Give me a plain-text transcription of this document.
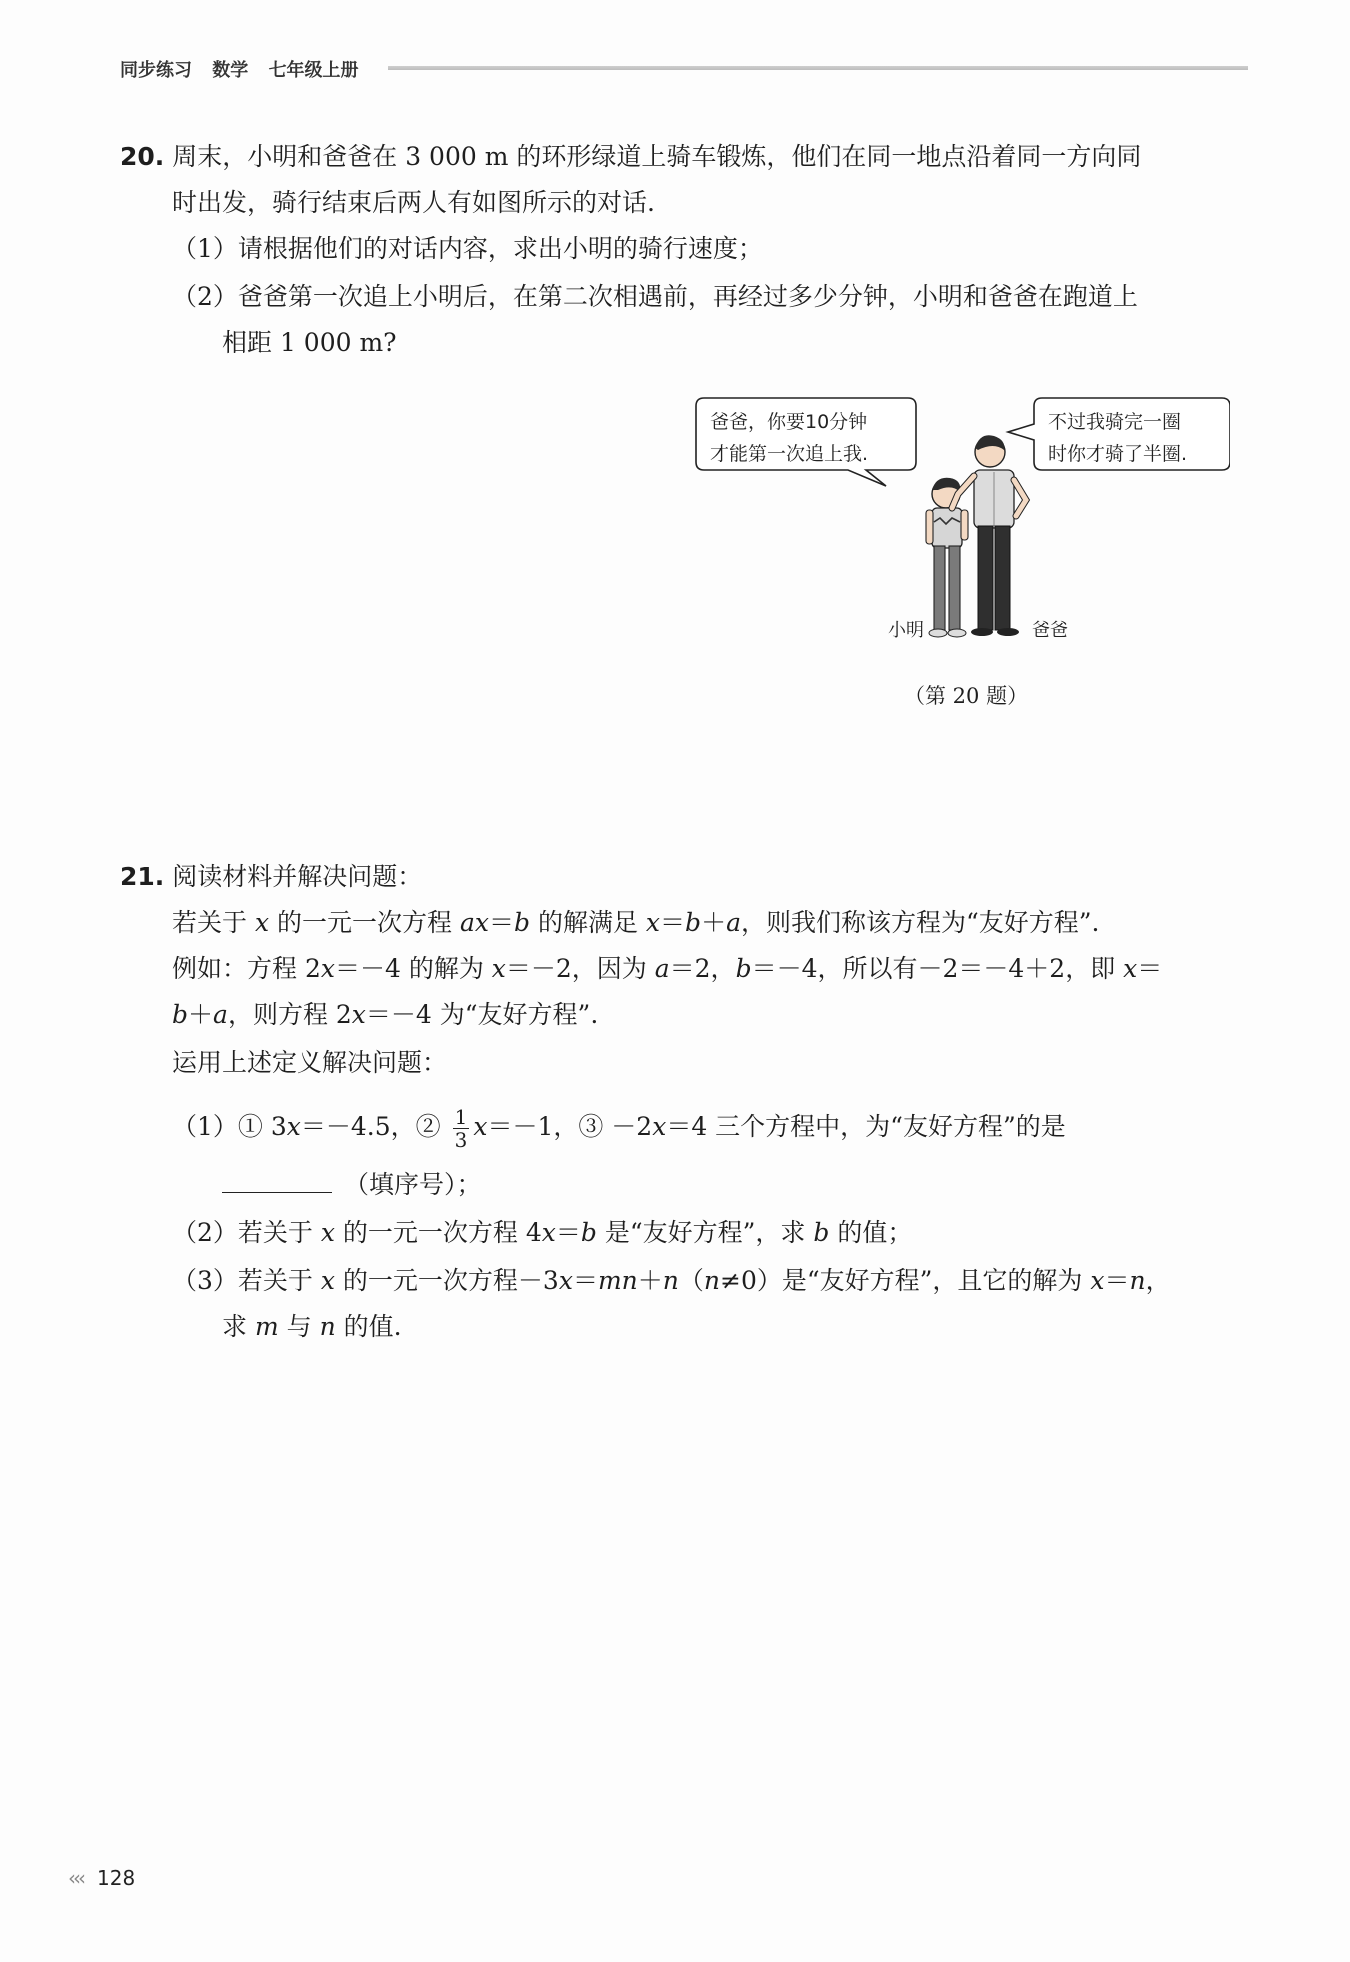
同步练习 数学 七年级上册
20. 周末，小明和爸爸在 3 000 m 的环形绿道上骑车锻炼，他们在同一地点沿着同一方向同
时出发，骑行结束后两人有如图所示的对话.
（1）请根据他们的对话内容，求出小明的骑行速度；
（2）爸爸第一次追上小明后，在第二次相遇前，再经过多少分钟，小明和爸爸在跑道上
相距 1 000 m?
爸爸，你要10分钟
才能第一次追上我.
不过我骑完一圈
时你才骑了半圈.
小明	爸爸
（第 20 题）
21. 阅读材料并解决问题：
若关于 x 的一元一次方程 ax＝b 的解满足 x＝b＋a，则我们称该方程为“友好方程”.
例如：方程 2x＝－4 的解为 x＝－2，因为 a＝2，b＝－4，所以有－2＝－4＋2，即 x＝
b＋a，则方程 2x＝－4 为“友好方程”.
运用上述定义解决问题：
（1）① 3x＝－4.5，② $\frac{1}{3} x=-1$，③ －2x＝4 三个方程中，为“友好方程”的是
（填序号）；
（2）若关于 x 的一元一次方程 4x＝b 是“友好方程”，求 b 的值；
（3）若关于 x 的一元一次方程－3x＝mn＋n（n≠0）是“友好方程”，且它的解为 x＝n，
求 m 与 n 的值.
‹‹‹ 128
